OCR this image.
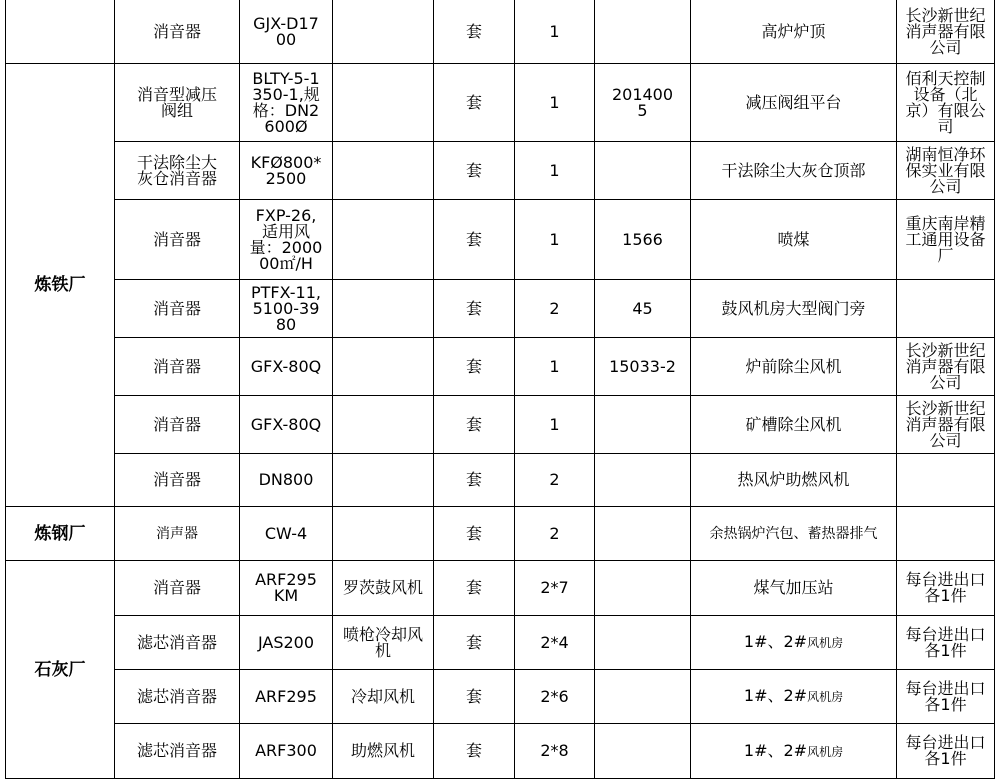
	消音器	GJX-D1700		套	1		高炉炉顶	长沙新世纪消声器有限公司
炼铁厂	消音型减压阀组	BLTY-5-1350-1,规格：DN2600Ø		套	1	2014005	减压阀组平台	佰利天控制设备（北京）有限公司
	干法除尘大灰仓消音器	KFØ800*2500		套	1		干法除尘大灰仓顶部	湖南恒净环保实业有限公司
	消音器	FXP-26,适用风量：200000㎡/H		套	1	1566	喷煤	重庆南岸精工通用设备厂
	消音器	PTFX-11,5100-3980		套	2	45	鼓风机房大型阀门旁	
	消音器	GFX-80Q		套	1	15033-2	炉前除尘风机	长沙新世纪消声器有限公司
	消音器	GFX-80Q		套	1		矿槽除尘风机	长沙新世纪消声器有限公司
	消音器	DN800		套	2		热风炉助燃风机	
炼钢厂	消声器	CW-4		套	2		余热锅炉汽包、蓄热器排气	
石灰厂	消音器	ARF295KM	罗茨鼓风机	套	2*7		煤气加压站	每台进出口各1件
	滤芯消音器	JAS200	喷枪冷却风机	套	2*4		1#、2#风机房	每台进出口各1件
	滤芯消音器	ARF295	冷却风机	套	2*6		1#、2#风机房	每台进出口各1件
	滤芯消音器	ARF300	助燃风机	套	2*8		1#、2#风机房	每台进出口各1件
